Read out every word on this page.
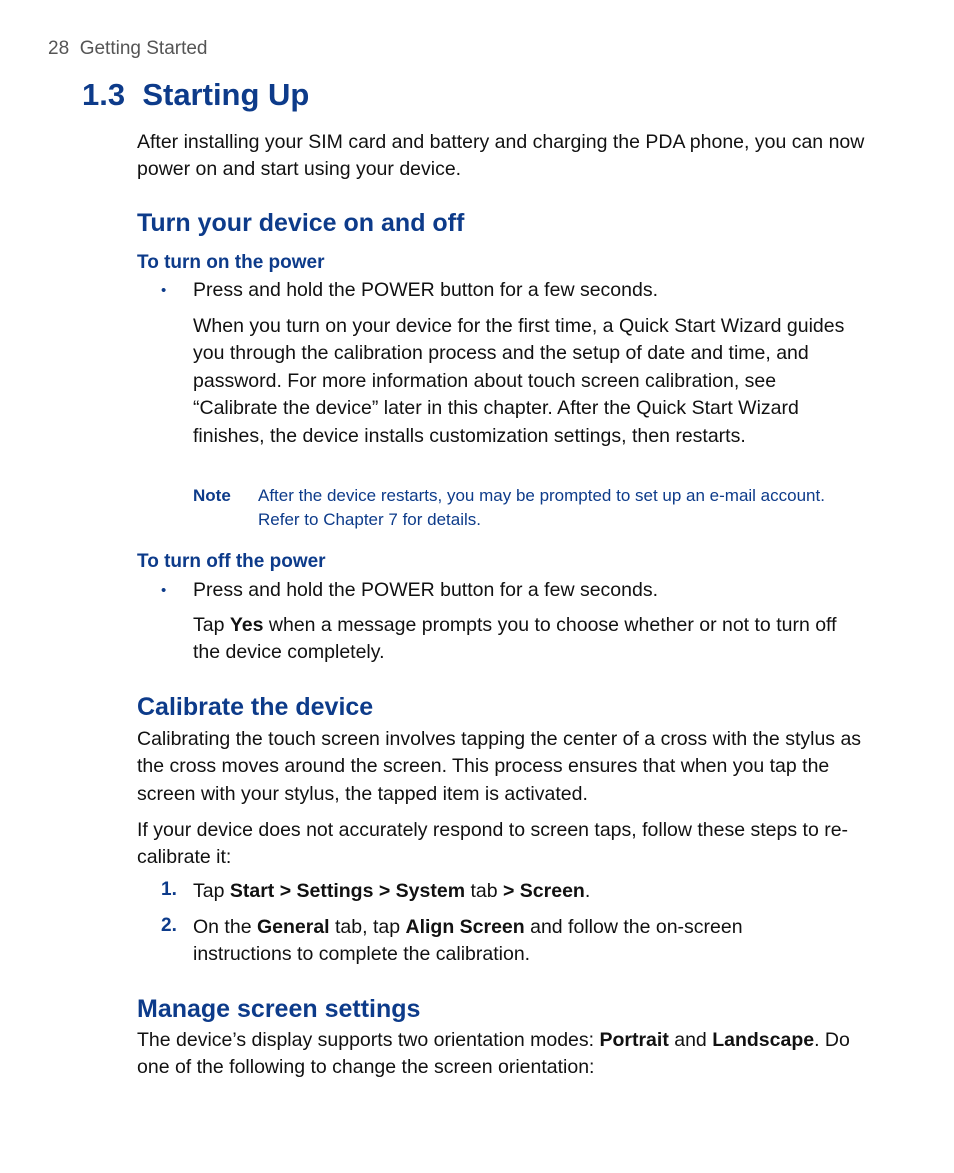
28 Getting Started
1.3  Starting Up
After installing your SIM card and battery and charging the PDA phone, you can now power on and start using your device.
Turn your device on and off
To turn on the power
• Press and hold the POWER button for a few seconds.
When you turn on your device for the first time, a Quick Start Wizard guides you through the calibration process and the setup of date and time, and password. For more information about touch screen calibration, see “Calibrate the device” later in this chapter. After the Quick Start Wizard finishes, the device installs customization settings, then restarts.
Note After the device restarts, you may be prompted to set up an e-mail account. Refer to Chapter 7 for details.
To turn off the power
• Press and hold the POWER button for a few seconds.
Tap Yes when a message prompts you to choose whether or not to turn off the device completely.
Calibrate the device
Calibrating the touch screen involves tapping the center of a cross with the stylus as the cross moves around the screen. This process ensures that when you tap the screen with your stylus, the tapped item is activated.
If your device does not accurately respond to screen taps, follow these steps to re-calibrate it:
1. Tap Start > Settings > System tab > Screen.
2. On the General tab, tap Align Screen and follow the on-screen instructions to complete the calibration.
Manage screen settings
The device’s display supports two orientation modes: Portrait and Landscape. Do one of the following to change the screen orientation:
